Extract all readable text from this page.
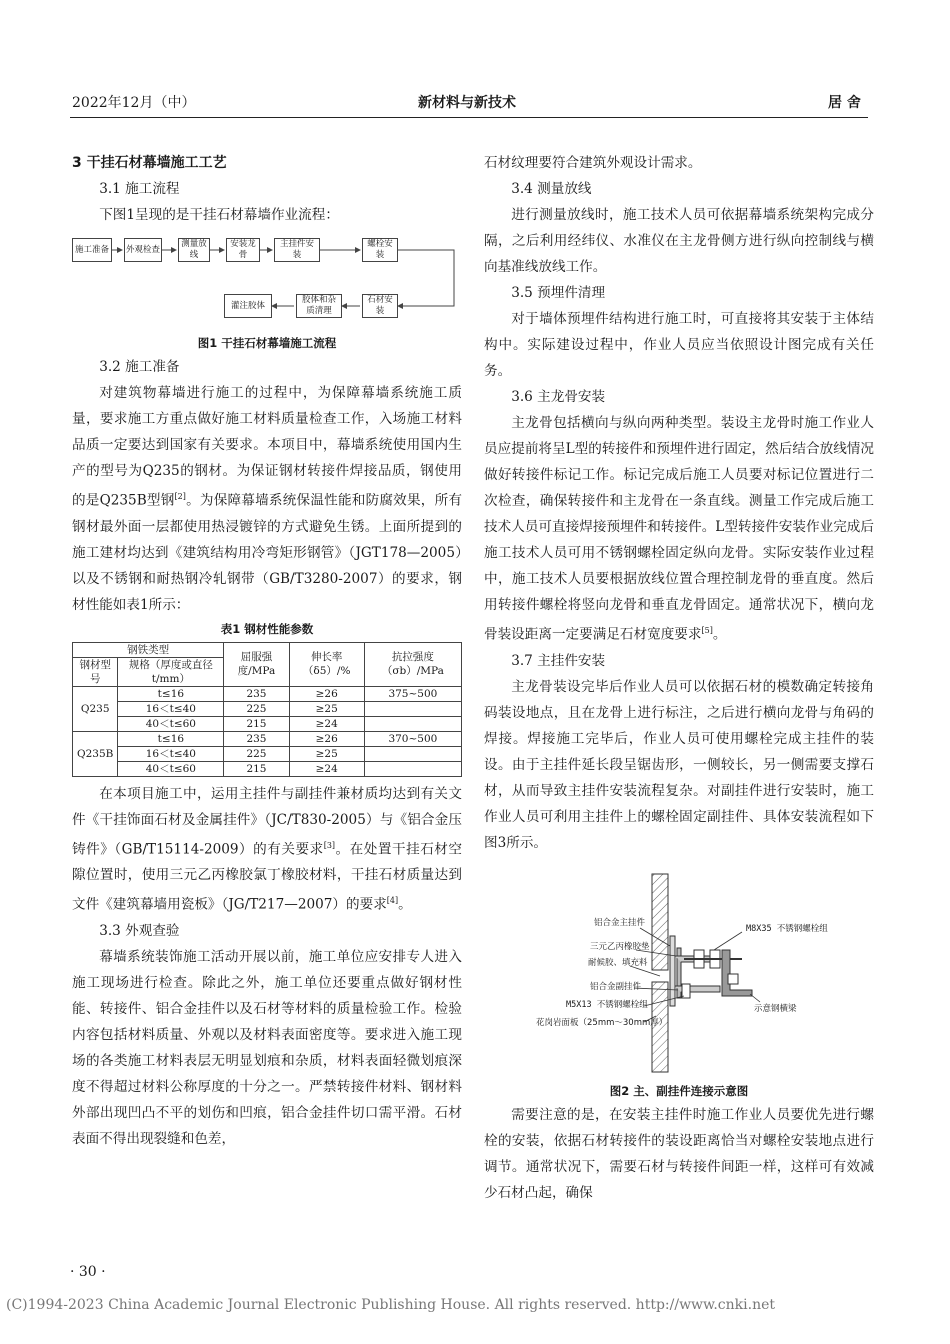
2022年12月（中）	新材料与新技术	居 舍
3 干挂石材幕墙施工工艺
3.1 施工流程

下图1呈现的是干挂石材幕墙作业流程：

施工准备	外观检查
测量放线
安装龙骨
主挂件安装
螺栓安装
灌注胶体
胶体和杂质清理
石材安装
图1 干挂石材幕墙施工流程
3.2 施工准备

对建筑物幕墙进行施工的过程中，为保障幕墙系统施工质量，要求施工方重点做好施工材料质量检查工作，入场施工材料品质一定要达到国家有关要求。本项目中，幕墙系统使用国内生产的型号为Q235的钢材。为保证钢材转接件焊接品质，钢使用的是Q235B型钢[2]。为保障幕墙系统保温性能和防腐效果，所有钢材最外面一层都使用热浸镀锌的方式避免生锈。上面所提到的施工建材均达到《建筑结构用冷弯矩形钢管》（JGT178—2005）以及不锈钢和耐热钢冷轧钢带（GB/T3280-2007）的要求，钢材性能如表1所示：

表1 钢材性能参数
钢铁类型		屈服强度/MPa	伸长率（δ5）/%	抗拉强度（σb）/MPa
钢材型号	规格（厚度或直径 t/mm）			
Q235	t≤16	235	≥26	375~500
	16＜t≤40	225	≥25	
	40＜t≤60	215	≥24	
Q235B	t≤16	235	≥26	370~500
	16＜t≤40	225	≥25	
	40＜t≤60	215	≥24	

在本项目施工中，运用主挂件与副挂件兼材质均达到有关文件《干挂饰面石材及金属挂件》（JC/T830-2005）与《铝合金压铸件》（GB/T15114-2009）的有关要求[3]。在处置干挂石材空隙位置时，使用三元乙丙橡胶氯丁橡胶材料，干挂石材质量达到文件《建筑幕墙用瓷板》（JG/T217—2007）的要求[4]。

3.3 外观查验

幕墙系统装饰施工活动开展以前，施工单位应安排专人进入施工现场进行检查。除此之外，施工单位还要重点做好钢材性能、转接件、铝合金挂件以及石材等材料的质量检验工作。检验内容包括材料质量、外观以及材料表面密度等。要求进入施工现场的各类施工材料表层无明显划痕和杂质，材料表面轻微划痕深度不得超过材料公称厚度的十分之一。严禁转接件材料、钢材料外部出现凹凸不平的划伤和凹痕，铝合金挂件切口需平滑。石材表面不得出现裂缝和色差，

石材纹理要符合建筑外观设计需求。

3.4 测量放线

进行测量放线时，施工技术人员可依据幕墙系统架构完成分隔，之后利用经纬仪、水准仪在主龙骨侧方进行纵向控制线与横向基准线放线工作。

3.5 预埋件清理

对于墙体预埋件结构进行施工时，可直接将其安装于主体结构中。实际建设过程中，作业人员应当依照设计图完成有关任务。

3.6 主龙骨安装

主龙骨包括横向与纵向两种类型。装设主龙骨时施工作业人员应提前将呈L型的转接件和预埋件进行固定，然后结合放线情况做好转接件标记工作。标记完成后施工人员要对标记位置进行二次检查，确保转接件和主龙骨在一条直线。测量工作完成后施工技术人员可直接焊接预埋件和转接件。L型转接件安装作业完成后施工技术人员可用不锈钢螺栓固定纵向龙骨。实际安装作业过程中，施工技术人员要根据放线位置合理控制龙骨的垂直度。然后用转接件螺栓将竖向龙骨和垂直龙骨固定。通常状况下，横向龙骨装设距离一定要满足石材宽度要求[5]。

3.7 主挂件安装

主龙骨装设完毕后作业人员可以依据石材的模数确定转接角码装设地点，且在龙骨上进行标注，之后进行横向龙骨与角码的焊接。焊接施工完毕后，作业人员可使用螺栓完成主挂件的装设。由于主挂件延长段呈锯齿形，一侧较长，另一侧需要支撑石材，从而导致主挂件安装流程复杂。对副挂件进行安装时，施工作业人员可利用主挂件上的螺栓固定副挂件、具体安装流程如下图3所示。

铝合金主挂件
三元乙丙橡胶垫
耐候胶、填充料
铝合金副挂件
M5X13 不锈钢螺栓组
花岗岩面板（25mm～30mm厚）
M8X35 不锈钢螺栓组
示意钢横梁
图2 主、副挂件连接示意图

需要注意的是，在安装主挂件时施工作业人员要优先进行螺栓的安装，依据石材转接件的装设距离恰当对螺栓安装地点进行调节。通常状况下，需要石材与转接件间距一样，这样可有效减少石材凸起，确保

· 30 ·
(C)1994-2023 China Academic Journal Electronic Publishing House. All rights reserved. http://www.cnki.net
